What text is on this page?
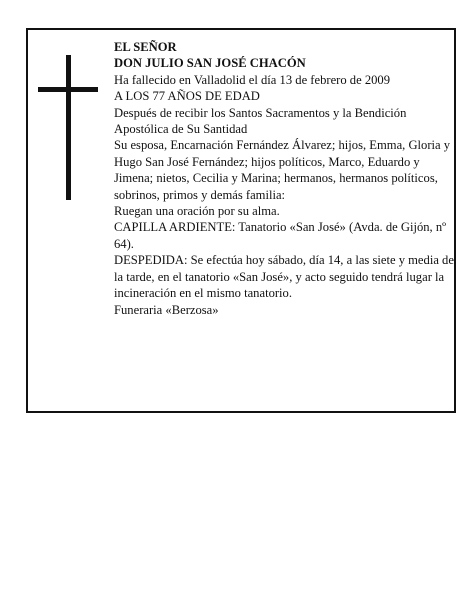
EL SEÑOR

DON JULIO SAN JOSÉ CHACÓN

Ha fallecido en Valladolid el día 13 de febrero de 2009

A LOS 77 AÑOS DE EDAD

Después de recibir los Santos Sacramentos y la Bendición Apostólica de Su Santidad

Su esposa, Encarnación Fernández Álvarez; hijos, Emma, Gloria y Hugo San José Fernández; hijos políticos, Marco, Eduardo y Jimena; nietos, Cecilia y Marina; hermanos, hermanos políticos, sobrinos, primos y demás familia:

Ruegan una oración por su alma.

CAPILLA ARDIENTE: Tanatorio «San José» (Avda. de Gijón, nº 64).

DESPEDIDA: Se efectúa hoy sábado, día 14, a las siete y media de la tarde, en el tanatorio «San José», y acto seguido tendrá lugar la incineración en el mismo tanatorio.

Funeraria «Berzosa»
